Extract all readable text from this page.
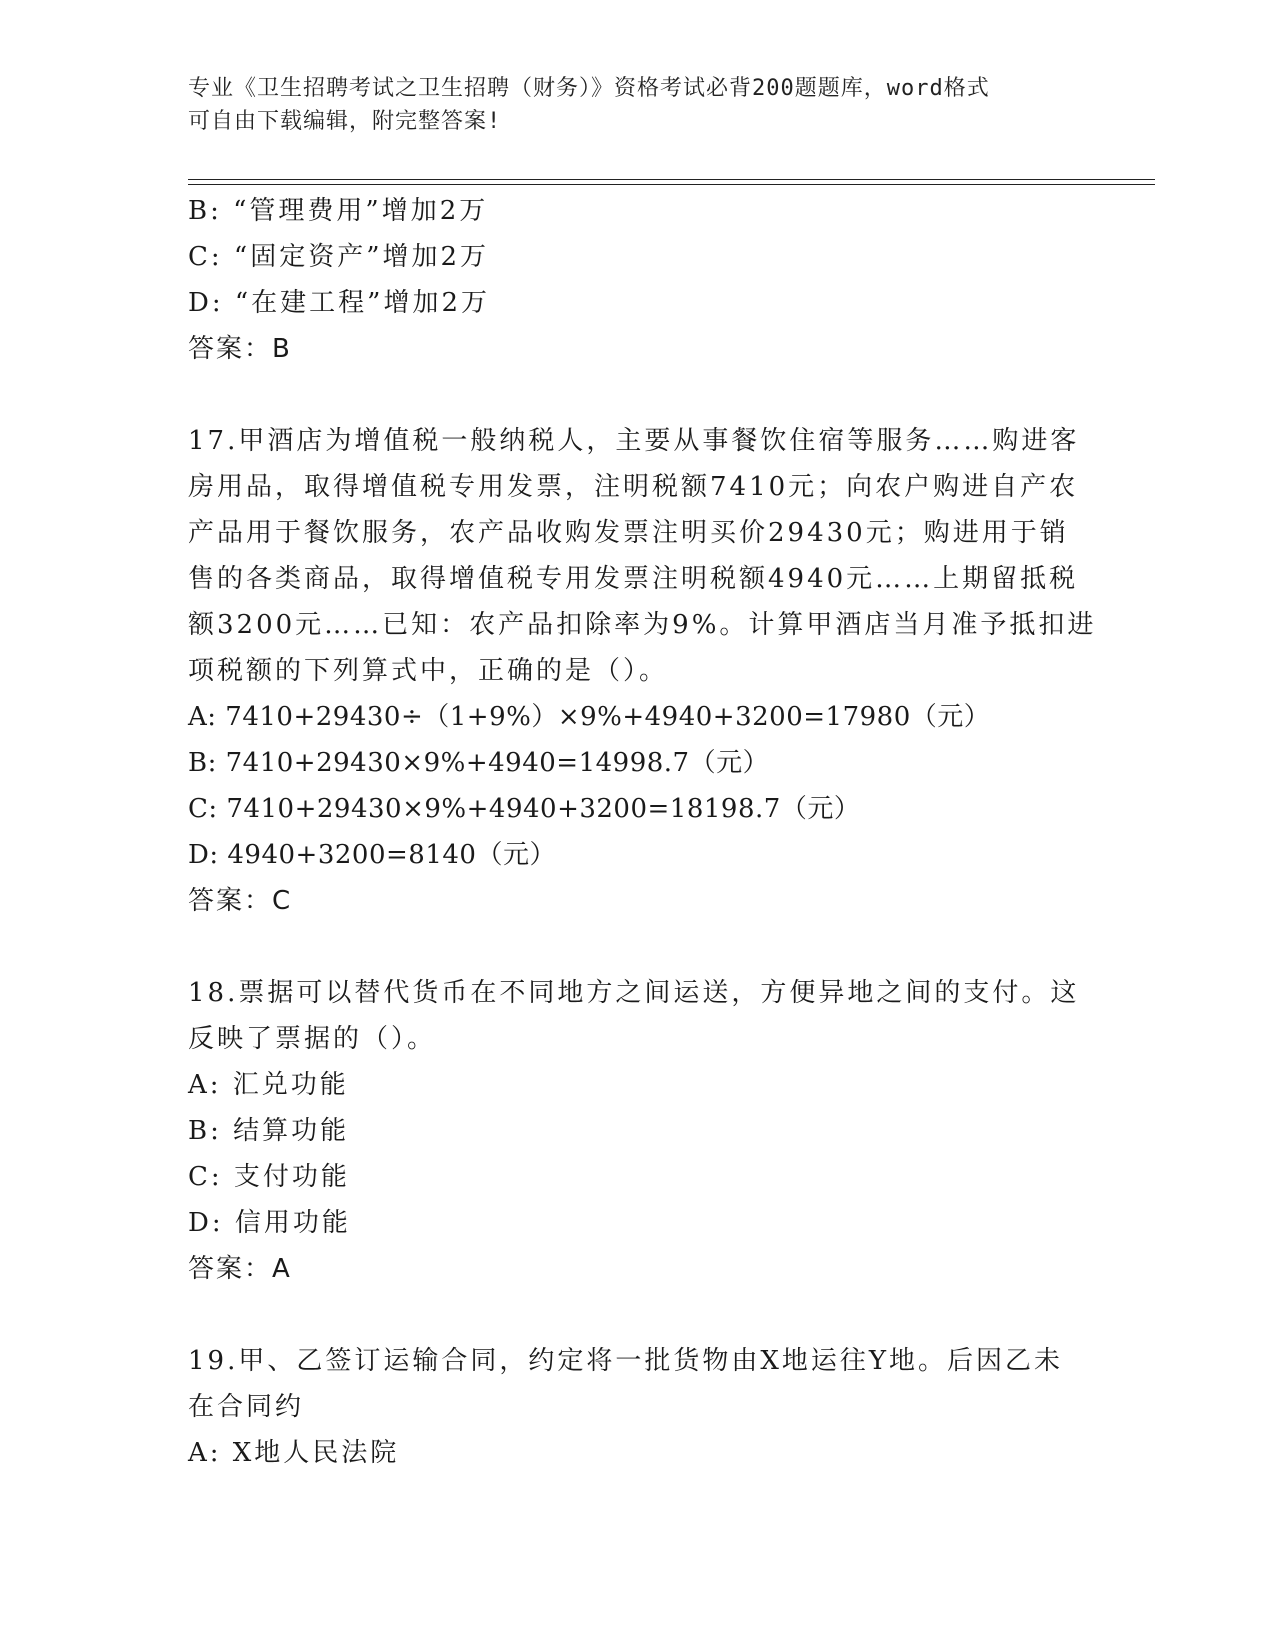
专业《卫生招聘考试之卫生招聘（财务）》资格考试必背200题题库，word格式
可自由下载编辑，附完整答案!
B: “管理费用”增加2万
C: “固定资产”增加2万
D: “在建工程”增加2万
答案：B
17.甲酒店为增值税一般纳税人，主要从事餐饮住宿等服务……购进客
房用品，取得增值税专用发票，注明税额7410元；向农户购进自产农
产品用于餐饮服务，农产品收购发票注明买价29430元；购进用于销
售的各类商品，取得增值税专用发票注明税额4940元……上期留抵税
额3200元……已知：农产品扣除率为9%。计算甲酒店当月准予抵扣进
项税额的下列算式中，正确的是（）。
A: 7410+29430÷（1+9%）×9%+4940+3200=17980（元）
B: 7410+29430×9%+4940=14998.7（元）
C: 7410+29430×9%+4940+3200=18198.7（元）
D: 4940+3200=8140（元）
答案：C
18.票据可以替代货币在不同地方之间运送，方便异地之间的支付。这
反映了票据的（）。
A: 汇兑功能
B: 结算功能
C: 支付功能
D: 信用功能
答案：A
19.甲、乙签订运输合同，约定将一批货物由X地运往Y地。后因乙未
在合同约
A: X地人民法院
